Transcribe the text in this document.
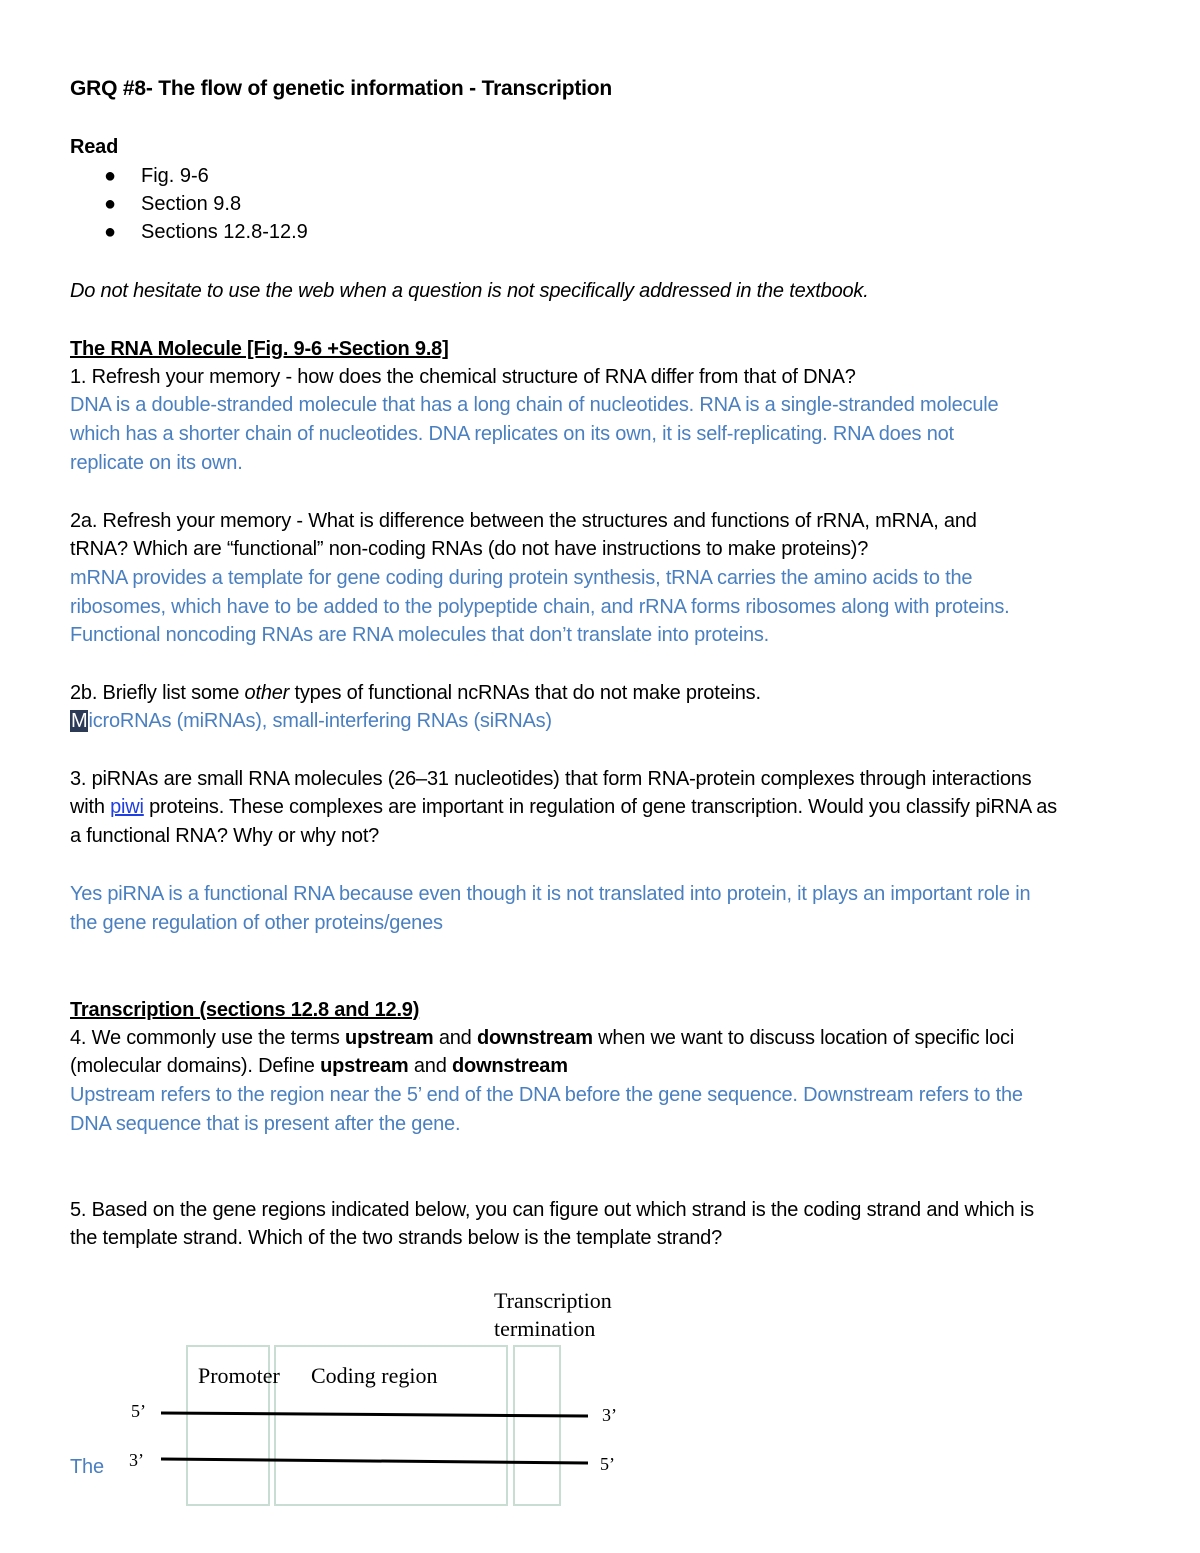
GRQ #8- The flow of genetic information - Transcription
Read
● Fig. 9-6
● Section 9.8
● Sections 12.8-12.9
Do not hesitate to use the web when a question is not specifically addressed in the textbook.
The RNA Molecule [Fig. 9-6 +Section 9.8]
1. Refresh your memory - how does the chemical structure of RNA differ from that of DNA?
DNA is a double-stranded molecule that has a long chain of nucleotides. RNA is a single-stranded molecule
which has a shorter chain of nucleotides. DNA replicates on its own, it is self-replicating. RNA does not
replicate on its own.
2a. Refresh your memory - What is difference between the structures and functions of rRNA, mRNA, and
tRNA? Which are “functional” non-coding RNAs (do not have instructions to make proteins)?
mRNA provides a template for gene coding during protein synthesis, tRNA carries the amino acids to the
ribosomes, which have to be added to the polypeptide chain, and rRNA forms ribosomes along with proteins.
Functional noncoding RNAs are RNA molecules that don’t translate into proteins.
2b. Briefly list some other types of functional ncRNAs that do not make proteins.
MicroRNAs (miRNAs), small-interfering RNAs (siRNAs)
3. piRNAs are small RNA molecules (26–31 nucleotides) that form RNA-protein complexes through interactions
with piwi proteins. These complexes are important in regulation of gene transcription. Would you classify piRNA as
a functional RNA? Why or why not?
Yes piRNA is a functional RNA because even though it is not translated into protein, it plays an important role in
the gene regulation of other proteins/genes
Transcription (sections 12.8 and 12.9)
4. We commonly use the terms upstream and downstream when we want to discuss location of specific loci
(molecular domains). Define upstream and downstream
Upstream refers to the region near the 5’ end of the DNA before the gene sequence. Downstream refers to the
DNA sequence that is present after the gene.
5. Based on the gene regions indicated below, you can figure out which strand is the coding strand and which is
the template strand. Which of the two strands below is the template strand?
The
Transcription
termination
Promoter Coding region
5’	3’
3’	5’
